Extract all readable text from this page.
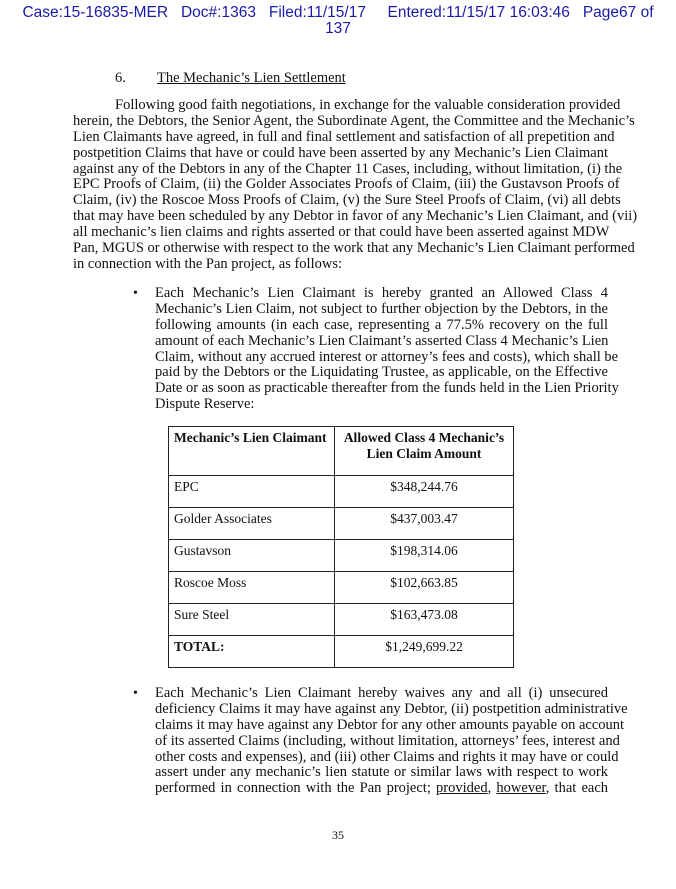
Case:15-16835-MER   Doc#:1363   Filed:11/15/17     Entered:11/15/17 16:03:46   Page67 of
137
6. The Mechanic’s Lien Settlement
Following good faith negotiations, in exchange for the valuable consideration provided
herein, the Debtors, the Senior Agent, the Subordinate Agent, the Committee and the Mechanic’s
Lien Claimants have agreed, in full and final settlement and satisfaction of all prepetition and
postpetition Claims that have or could have been asserted by any Mechanic’s Lien Claimant
against any of the Debtors in any of the Chapter 11 Cases, including, without limitation, (i) the
EPC Proofs of Claim, (ii) the Golder Associates Proofs of Claim, (iii) the Gustavson Proofs of
Claim, (iv) the Roscoe Moss Proofs of Claim, (v) the Sure Steel Proofs of Claim, (vi) all debts
that may have been scheduled by any Debtor in favor of any Mechanic’s Lien Claimant, and (vii)
all mechanic’s lien claims and rights asserted or that could have been asserted against MDW
Pan, MGUS or otherwise with respect to the work that any Mechanic’s Lien Claimant performed
in connection with the Pan project, as follows:
• Each Mechanic’s Lien Claimant is hereby granted an Allowed Class 4
Mechanic’s Lien Claim, not subject to further objection by the Debtors, in the
following amounts (in each case, representing a 77.5% recovery on the full
amount of each Mechanic’s Lien Claimant’s asserted Class 4 Mechanic’s Lien
Claim, without any accrued interest or attorney’s fees and costs), which shall be
paid by the Debtors or the Liquidating Trustee, as applicable, on the Effective
Date or as soon as practicable thereafter from the funds held in the Lien Priority
Dispute Reserve:
Mechanic’s Lien Claimant	Allowed Class 4 Mechanic’s Lien Claim Amount
EPC	$348,244.76
Golder Associates	$437,003.47
Gustavson	$198,314.06
Roscoe Moss	$102,663.85
Sure Steel	$163,473.08
TOTAL:	$1,249,699.22
• Each Mechanic’s Lien Claimant hereby waives any and all (i) unsecured
deficiency Claims it may have against any Debtor, (ii) postpetition administrative
claims it may have against any Debtor for any other amounts payable on account
of its asserted Claims (including, without limitation, attorneys’ fees, interest and
other costs and expenses), and (iii) other Claims and rights it may have or could
assert under any mechanic’s lien statute or similar laws with respect to work
performed in connection with the Pan project; provided, however, that each
35
